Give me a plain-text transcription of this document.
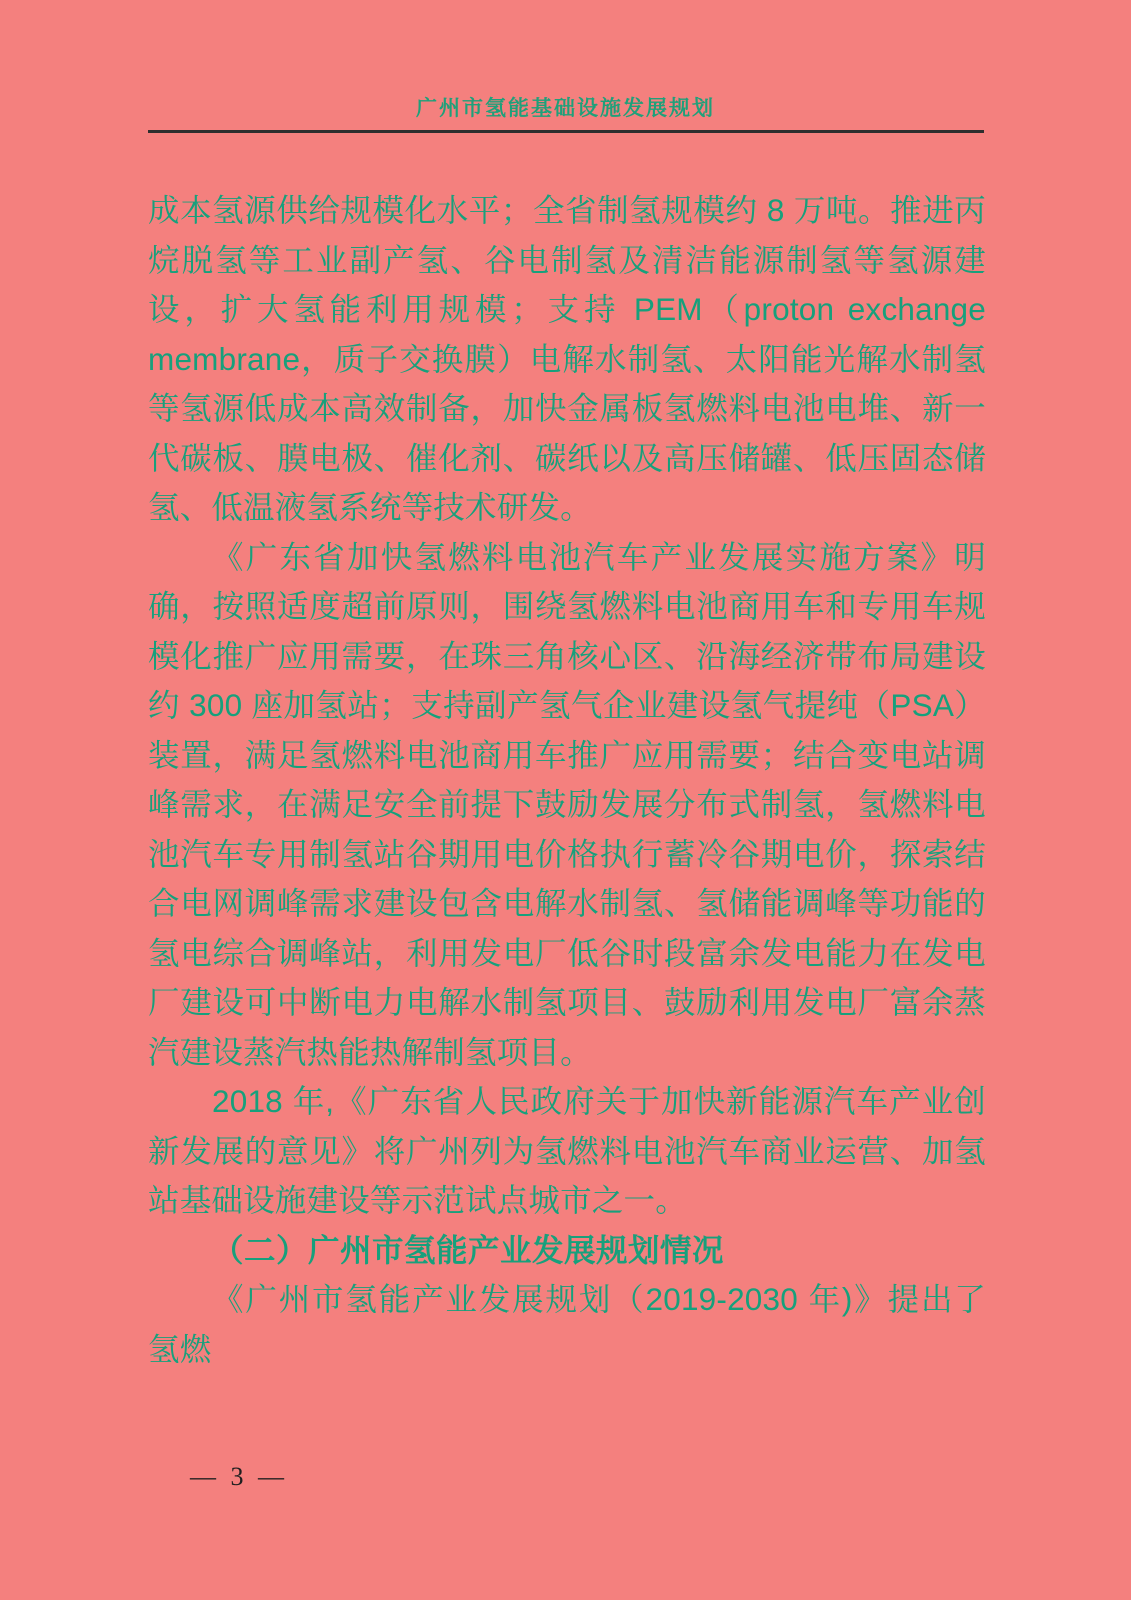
广州市氢能基础设施发展规划

成本氢源供给规模化水平；全省制氢规模约 8 万吨。推进丙烷脱氢等工业副产氢、谷电制氢及清洁能源制氢等氢源建设，扩大氢能利用规模；支持 PEM（proton exchange membrane，质子交换膜）电解水制氢、太阳能光解水制氢等氢源低成本高效制备，加快金属板氢燃料电池电堆、新一代碳板、膜电极、催化剂、碳纸以及高压储罐、低压固态储氢、低温液氢系统等技术研发。

《广东省加快氢燃料电池汽车产业发展实施方案》明确，按照适度超前原则，围绕氢燃料电池商用车和专用车规模化推广应用需要，在珠三角核心区、沿海经济带布局建设约 300 座加氢站；支持副产氢气企业建设氢气提纯（PSA）装置，满足氢燃料电池商用车推广应用需要；结合变电站调峰需求，在满足安全前提下鼓励发展分布式制氢，氢燃料电池汽车专用制氢站谷期用电价格执行蓄冷谷期电价，探索结合电网调峰需求建设包含电解水制氢、氢储能调峰等功能的氢电综合调峰站，利用发电厂低谷时段富余发电能力在发电厂建设可中断电力电解水制氢项目、鼓励利用发电厂富余蒸汽建设蒸汽热能热解制氢项目。

2018 年,《广东省人民政府关于加快新能源汽车产业创新发展的意见》将广州列为氢燃料电池汽车商业运营、加氢站基础设施建设等示范试点城市之一。

（二）广州市氢能产业发展规划情况

《广州市氢能产业发展规划（2019-2030 年)》提出了氢燃

— 3 —
